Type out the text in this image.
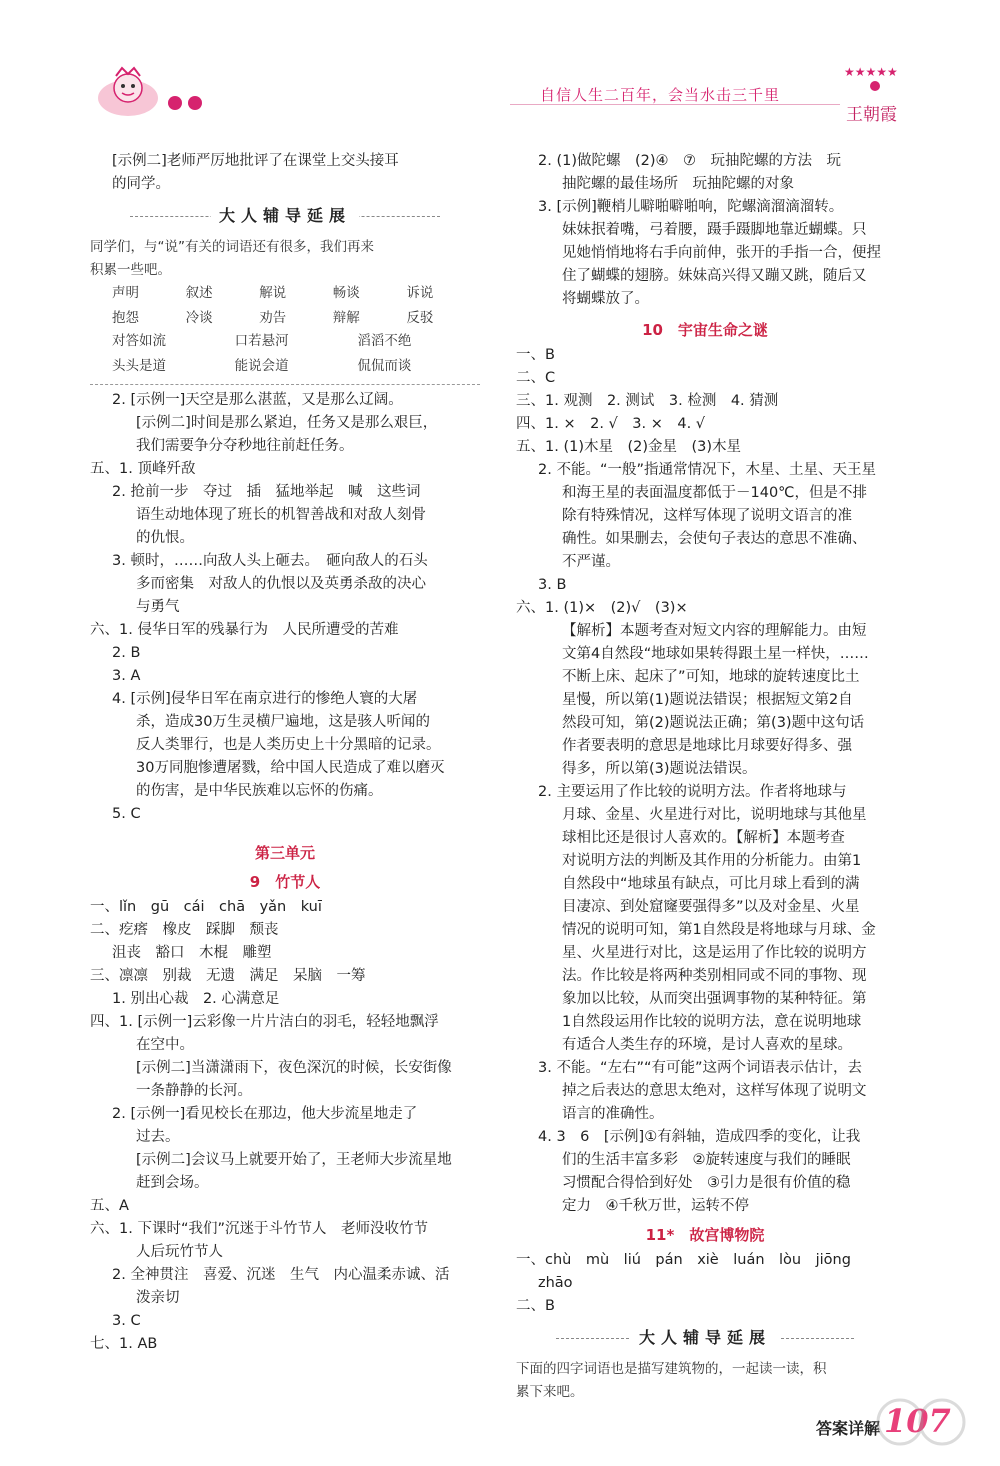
自信人生二百年，会当水击三千里
★★★★★
王朝霞
[示例二]老师严厉地批评了在课堂上交头接耳
的同学。
大人辅导延展
同学们，与“说”有关的词语还有很多，我们再来
积累一些吧。
声明	叙述	解说	畅谈	诉说
抱怨	冷谈	劝告	辩解	反驳
对答如流	口若悬河	滔滔不绝
头头是道	能说会道	侃侃而谈
2. [示例一]天空是那么湛蓝，又是那么辽阔。
[示例二]时间是那么紧迫，任务又是那么艰巨，
我们需要争分夺秒地往前赶任务。
五、1. 顶峰歼敌
2. 抢前一步　夺过　插　猛地举起　喊　这些词
语生动地体现了班长的机智善战和对敌人刻骨
的仇恨。
3. 顿时，……向敌人头上砸去。　砸向敌人的石头
多而密集　对敌人的仇恨以及英勇杀敌的决心
与勇气
六、1. 侵华日军的残暴行为　人民所遭受的苦难
2. B
3. A
4. [示例]侵华日军在南京进行的惨绝人寰的大屠
杀，造成30万生灵横尸遍地，这是骇人听闻的
反人类罪行，也是人类历史上十分黑暗的记录。
30万同胞惨遭屠戮，给中国人民造成了难以磨灭
的伤害，是中华民族难以忘怀的伤痛。
5. C
第三单元
9　竹节人
一、lǐn　gū　cái　chā　yǎn　kuī
二、疙瘩　橡皮　踩脚　颓丧
沮丧　豁口　木棍　雕塑
三、凛凛　别裁　无遗　满足　呆脑　一筹
1. 别出心裁　2. 心满意足
四、1. [示例一]云彩像一片片洁白的羽毛，轻轻地飘浮
在空中。
[示例二]当潇潇雨下，夜色深沉的时候，长安街像
一条静静的长河。
2. [示例一]看见校长在那边，他大步流星地走了
过去。
[示例二]会议马上就要开始了，王老师大步流星地
赶到会场。
五、A
六、1. 下课时“我们”沉迷于斗竹节人　老师没收竹节
人后玩竹节人
2. 全神贯注　喜爱、沉迷　生气　内心温柔赤诚、活
泼亲切
3. C
七、1. AB
2. (1)做陀螺　(2)④　⑦　玩抽陀螺的方法　玩
抽陀螺的最佳场所　玩抽陀螺的对象
3. [示例]鞭梢儿噼啪噼啪响，陀螺滴溜滴溜转。
妹妹抿着嘴，弓着腰，蹑手蹑脚地靠近蝴蝶。只
见她悄悄地将右手向前伸，张开的手指一合，便捏
住了蝴蝶的翅膀。妹妹高兴得又蹦又跳，随后又
将蝴蝶放了。
10　宇宙生命之谜
一、B
二、C
三、1. 观测　2. 测试　3. 检测　4. 猜测
四、1. ×　2. √　3. ×　4. √
五、1. (1)木星　(2)金星　(3)木星
2. 不能。“一般”指通常情况下，木星、土星、天王星
和海王星的表面温度都低于－140℃，但是不排
除有特殊情况，这样写体现了说明文语言的准
确性。如果删去，会使句子表达的意思不准确、
不严谨。
3. B
六、1. (1)×　(2)√　(3)×
【解析】本题考查对短文内容的理解能力。由短
文第4自然段“地球如果转得跟土星一样快，……
不断上床、起床了”可知，地球的旋转速度比土
星慢，所以第(1)题说法错误；根据短文第2自
然段可知，第(2)题说法正确；第(3)题中这句话
作者要表明的意思是地球比月球要好得多、强
得多，所以第(3)题说法错误。
2. 主要运用了作比较的说明方法。作者将地球与
月球、金星、火星进行对比，说明地球与其他星
球相比还是很讨人喜欢的。【解析】本题考查
对说明方法的判断及其作用的分析能力。由第1
自然段中“地球虽有缺点，可比月球上看到的满
目凄凉、到处窟窿要强得多”以及对金星、火星
情况的说明可知，第1自然段是将地球与月球、金
星、火星进行对比，这是运用了作比较的说明方
法。作比较是将两种类别相同或不同的事物、现
象加以比较，从而突出强调事物的某种特征。第
1自然段运用作比较的说明方法，意在说明地球
有适合人类生存的环境，是讨人喜欢的星球。
3. 不能。“左右”“有可能”这两个词语表示估计，去
掉之后表达的意思太绝对，这样写体现了说明文
语言的准确性。
4. 3　6　[示例]①有斜轴，造成四季的变化，让我
们的生活丰富多彩　②旋转速度与我们的睡眠
习惯配合得恰到好处　③引力是很有价值的稳
定力　④千秋万世，运转不停
11*　故宫博物院
一、chù　mù　liú　pán　xiè　luán　lòu　jiōng
zhāo
二、B
大人辅导延展
下面的四字词语也是描写建筑物的，一起读一读，积
累下来吧。
答案详解 107
